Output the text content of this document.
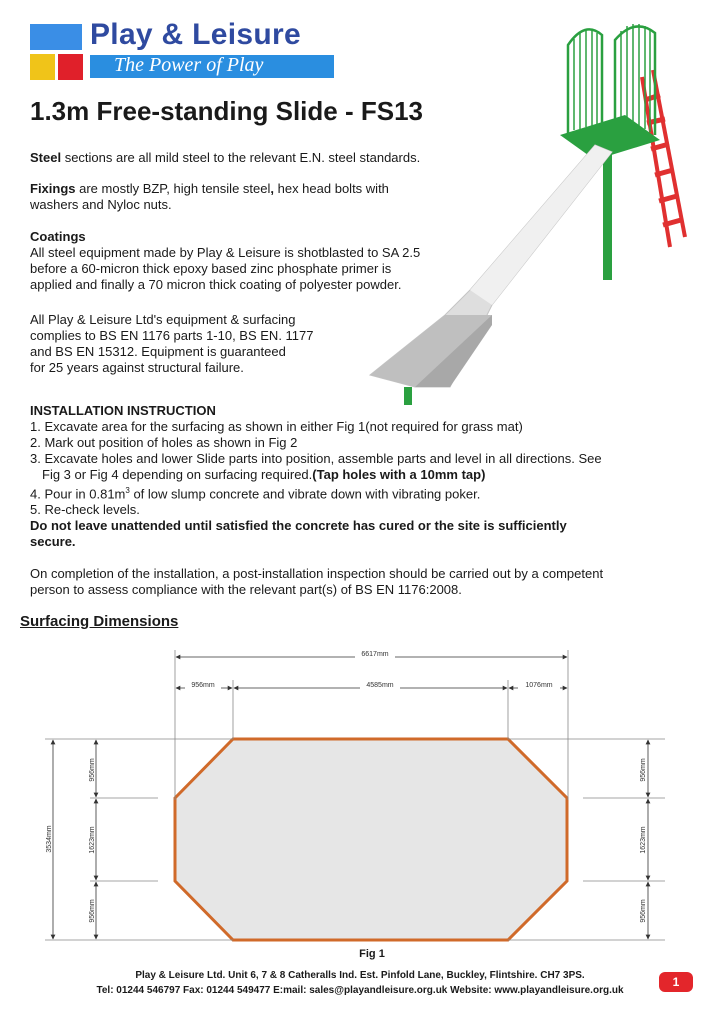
Play & Leisure
The Power of Play
1.3m Free-standing Slide - FS13
Steel sections are all mild steel to the relevant E.N. steel standards.
Fixings are mostly BZP, high tensile steel, hex head bolts with
washers and Nyloc nuts.
Coatings
All steel equipment made by Play & Leisure is shotblasted to SA 2.5
before a 60-micron thick epoxy based zinc phosphate primer is
applied and finally a 70 micron thick coating of polyester powder.
All Play & Leisure Ltd's equipment & surfacing
complies to BS EN 1176 parts 1-10, BS EN. 1177
and BS EN 15312. Equipment is guaranteed
for 25 years against structural failure.
INSTALLATION INSTRUCTION
1. Excavate area for the surfacing as shown in either Fig 1(not required for grass mat)
2. Mark out position of holes as shown in Fig 2
3. Excavate holes and lower Slide parts into position, assemble parts and level in all directions. See
Fig 3 or Fig 4 depending on surfacing required.(Tap holes with a 10mm tap)
4. Pour in $0.81m^3$ of low slump concrete and vibrate down with vibrating poker.
5. Re-check levels.
Do not leave unattended until satisfied the concrete has cured or the site is sufficiently
secure.
On completion of the installation, a post-installation inspection should be carried out by a competent
person to assess compliance with the relevant part(s) of BS EN 1176:2008.
Surfacing Dimensions
6617mm
956mm	4585mm	1076mm
3534mm
956mm
1623mm
956mm
956mm
1623mm
956mm
Fig 1
Play & Leisure Ltd. Unit 6, 7 & 8 Catheralls Ind. Est. Pinfold Lane, Buckley, Flintshire. CH7 3PS.
Tel: 01244 546797 Fax: 01244 549477 E:mail: sales@playandleisure.org.uk Website: www.playandleisure.org.uk
1
